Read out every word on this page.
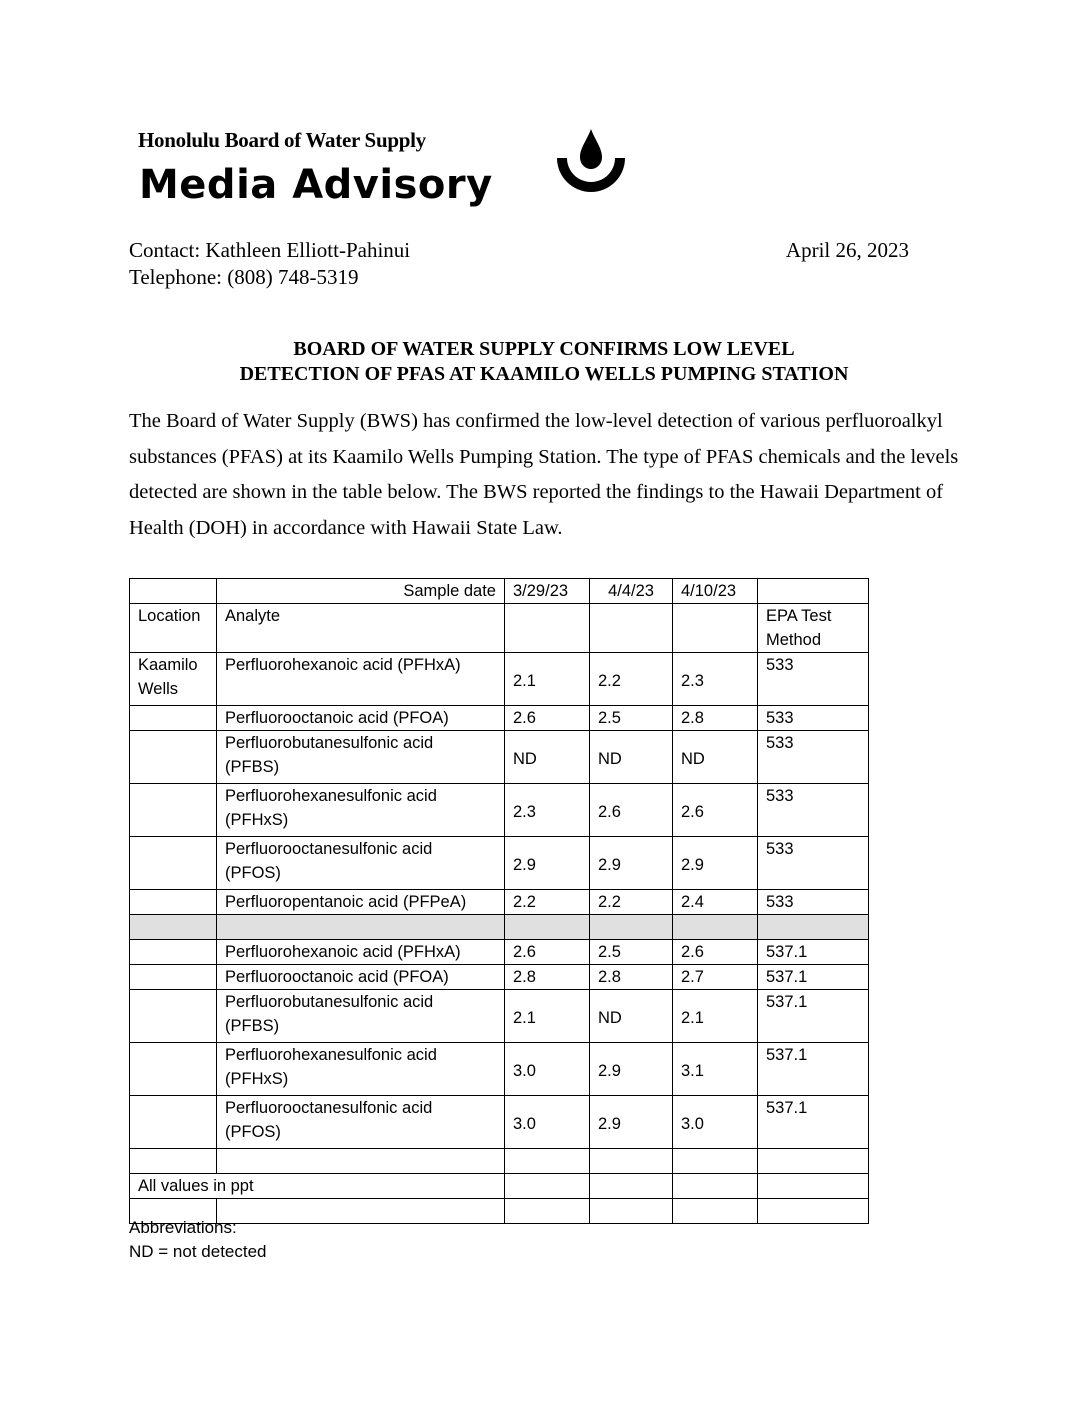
Honolulu Board of Water Supply
Media Advisory
Contact: Kathleen Elliott-Pahinui
Telephone: (808) 748-5319
April 26, 2023
BOARD OF WATER SUPPLY CONFIRMS LOW LEVEL
DETECTION OF PFAS AT KAAMILO WELLS PUMPING STATION

The Board of Water Supply (BWS) has confirmed the low-level detection of various perfluoroalkyl substances (PFAS) at its Kaamilo Wells Pumping Station. The type of PFAS chemicals and the levels detected are shown in the table below. The BWS reported the findings to the Hawaii Department of Health (DOH) in accordance with Hawaii State Law.

	Sample date	3/29/23	4/4/23	4/10/23	
Location	Analyte				EPA Test
Method

Kaamilo
Wells	Perfluorohexanoic acid (PFHxA)	2.1	2.2	2.3	533

	Perfluorooctanoic acid (PFOA)	2.6	2.5	2.8	533

	Perfluorobutanesulfonic acid
(PFBS)	ND	ND	ND	533

	Perfluorohexanesulfonic acid
(PFHxS)	2.3	2.6	2.6	533

	Perfluorooctanesulfonic acid
(PFOS)	2.9	2.9	2.9	533

	Perfluoropentanoic acid (PFPeA)	2.2	2.2	2.4	533

	Perfluorohexanoic acid (PFHxA)	2.6	2.5	2.6	537.1

	Perfluorooctanoic acid (PFOA)	2.8	2.8	2.7	537.1

	Perfluorobutanesulfonic acid
(PFBS)	2.1	ND	2.1	537.1

	Perfluorohexanesulfonic acid
(PFHxS)	3.0	2.9	3.1	537.1

	Perfluorooctanesulfonic acid
(PFOS)	3.0	2.9	3.0	537.1

All values in ppt					

Abbreviations:
ND = not detected
